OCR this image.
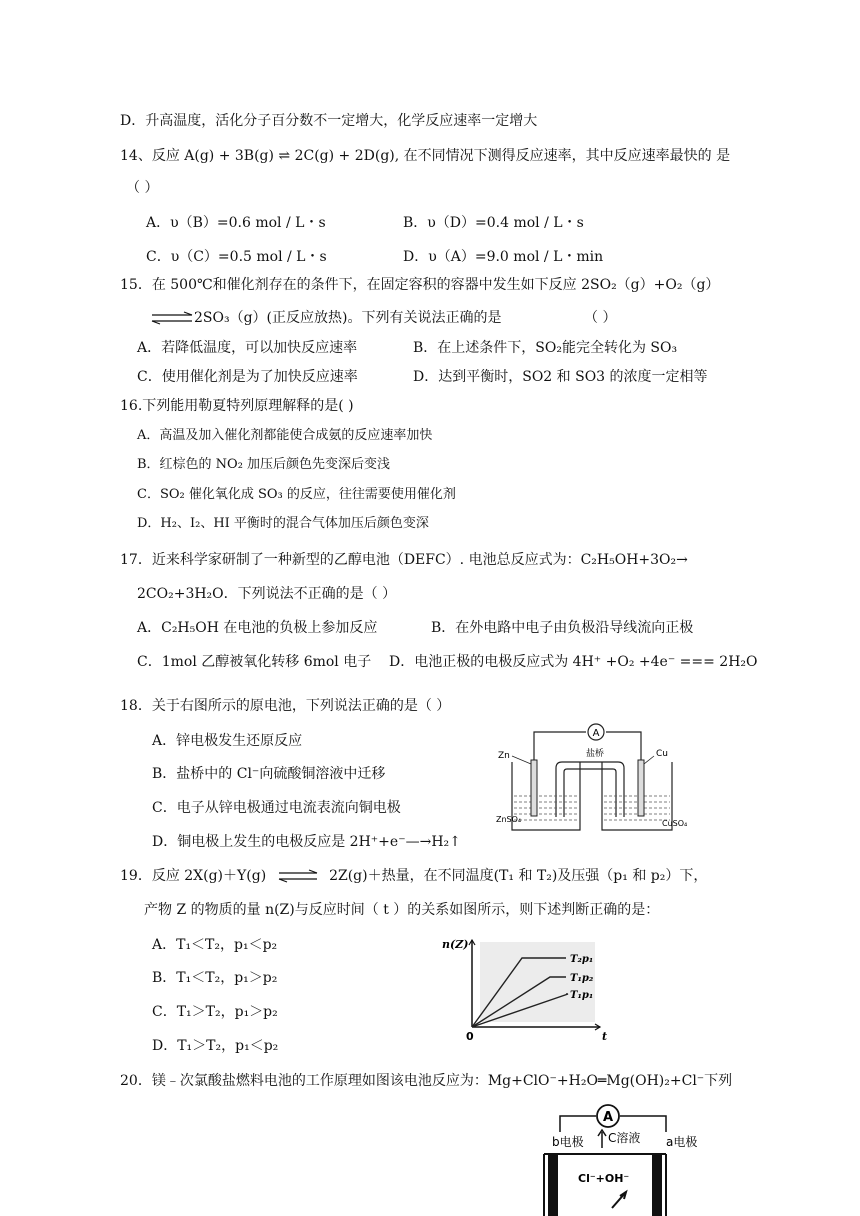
D．升高温度，活化分子百分数不一定增大，化学反应速率一定增大
14、反应 A(g) + 3B(g) ⇌ 2C(g) + 2D(g), 在不同情况下测得反应速率，其中反应速率最快的 是
（ ）
A．υ（B）=0.6 mol / L・s	B．υ（D）=0.4 mol / L・s
C．υ（C）=0.5 mol / L・s	D．υ（A）=9.0 mol / L・min
15．在 500℃和催化剂存在的条件下，在固定容积的容器中发生如下反应 2SO₂（g）+O₂（g）
⇌2SO₃（g）(正反应放热)。下列有关说法正确的是	（ ）
A．若降低温度，可以加快反应速率	B．在上述条件下，SO₂能完全转化为 SO₃
C．使用催化剂是为了加快反应速率	D．达到平衡时，SO2 和 SO3 的浓度一定相等
16.下列能用勒夏特列原理解释的是( )
A．高温及加入催化剂都能使合成氨的反应速率加快
B．红棕色的 NO₂ 加压后颜色先变深后变浅
C．SO₂ 催化氧化成 SO₃ 的反应，往往需要使用催化剂
D．H₂、I₂、HI 平衡时的混合气体加压后颜色变深
17．近来科学家研制了一种新型的乙醇电池（DEFC）. 电池总反应式为：C₂H₅OH+3O₂→
2CO₂+3H₂O．下列说法不正确的是（ ）
A．C₂H₅OH 在电池的负极上参加反应	B．在外电路中电子由负极沿导线流向正极
C．1mol 乙醇被氧化转移 6mol 电子 D．电池正极的电极反应式为 4H⁺ +O₂ +4e⁻ === 2H₂O
18．关于右图所示的原电池，下列说法正确的是（ ）
A．锌电极发生还原反应
B．盐桥中的 Cl⁻向硫酸铜溶液中迁移
C．电子从锌电极通过电流表流向铜电极
D．铜电极上发生的电极反应是 2H⁺+e⁻—→H₂↑
A
盐桥
Zn	Cu
ZnSO₄	CuSO₄
19．反应 2X(g)＋Y(g) ⇌ 2Z(g)＋热量，在不同温度(T₁ 和 T₂)及压强（p₁ 和 p₂）下，
产物 Z 的物质的量 n(Z)与反应时间（ t ）的关系如图所示，则下述判断正确的是：
A．T₁＜T₂，p₁＜p₂
B．T₁＜T₂，p₁＞p₂
C．T₁＞T₂，p₁＞p₂
D．T₁＞T₂，p₁＜p₂
n(Z)
t
0
T₂p₁
T₁p₂
T₁p₁
20．镁﹣次氯酸盐燃料电池的工作原理如图该电池反应为：Mg+ClO⁻+H₂O═Mg(OH)₂+Cl⁻下列
A
b电极 C溶液 a电极
Cl⁻+OH⁻
